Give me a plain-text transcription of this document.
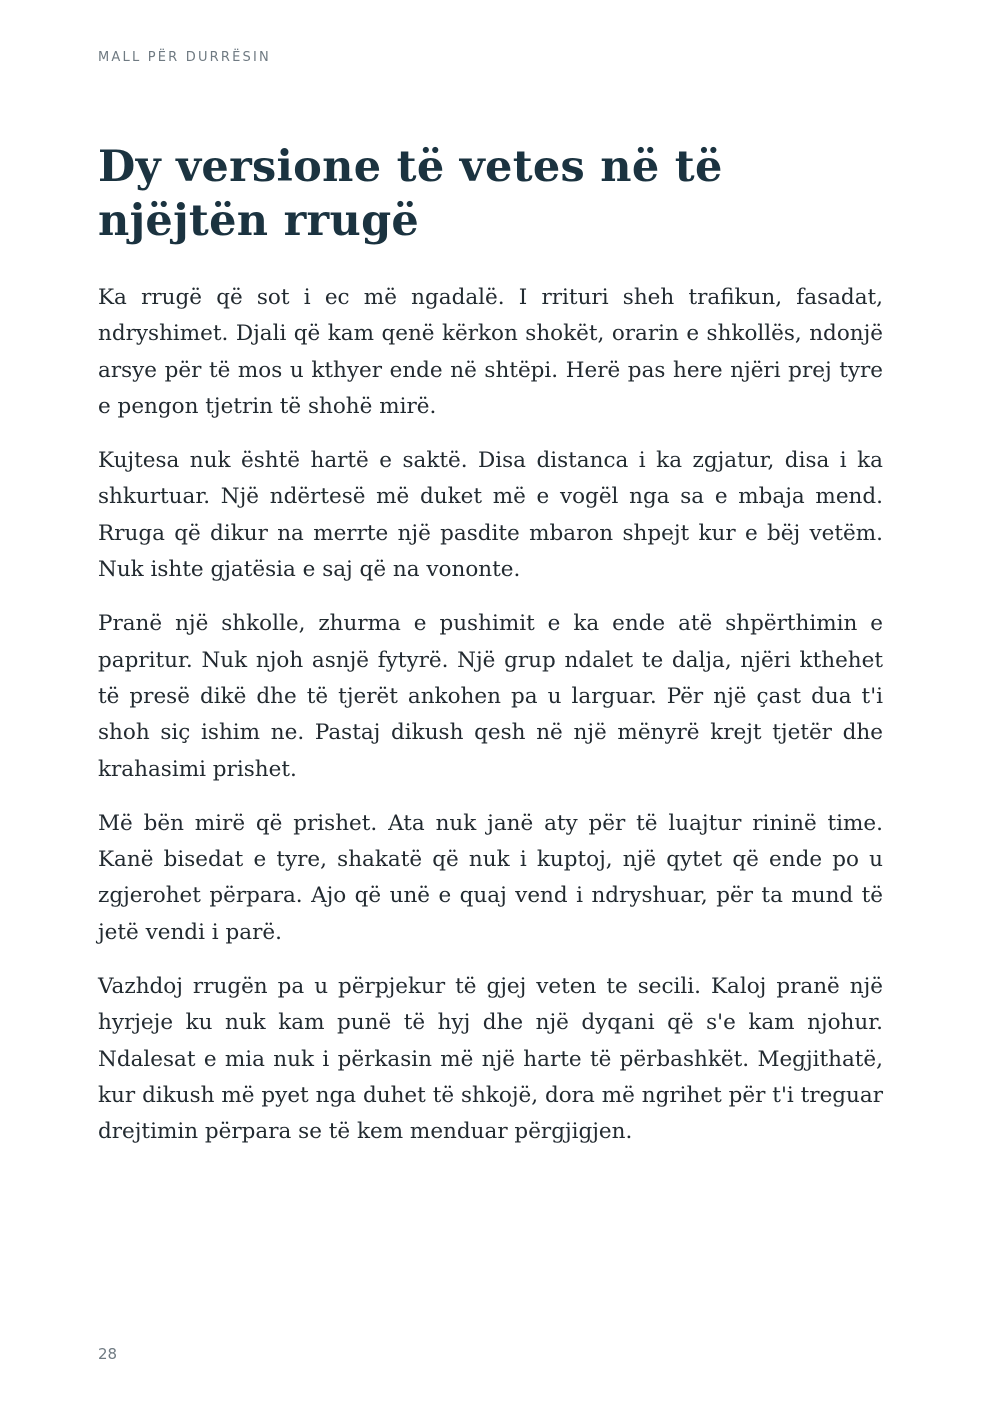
MALL PËR DURRËSIN
Dy versione të vetes në të njëjtën rrugë

Ka rrugë që sot i ec më ngadalë. I rrituri sheh trafikun, fasadat, ndryshimet. Djali që kam qenë kërkon shokët, orarin e shkollës, ndonjë arsye për të mos u kthyer ende në shtëpi. Herë pas here njëri prej tyre e pengon tjetrin të shohë mirë.

Kujtesa nuk është hartë e saktë. Disa distanca i ka zgjatur, disa i ka shkurtuar. Një ndërtesë më duket më e vogël nga sa e mbaja mend. Rruga që dikur na merrte një pasdite mbaron shpejt kur e bëj vetëm. Nuk ishte gjatësia e saj që na vononte.

Pranë një shkolle, zhurma e pushimit e ka ende atë shpërthimin e papritur. Nuk njoh asnjë fytyrë. Një grup ndalet te dalja, njëri kthehet të presë dikë dhe të tjerët ankohen pa u larguar. Për një çast dua t'i shoh siç ishim ne. Pastaj dikush qesh në një mënyrë krejt tjetër dhe krahasimi prishet.

Më bën mirë që prishet. Ata nuk janë aty për të luajtur rininë time. Kanë bisedat e tyre, shakatë që nuk i kuptoj, një qytet që ende po u zgjerohet përpara. Ajo që unë e quaj vend i ndryshuar, për ta mund të jetë vendi i parë.

Vazhdoj rrugën pa u përpjekur të gjej veten te secili. Kaloj pranë një hyrjeje ku nuk kam punë të hyj dhe një dyqani që s'e kam njohur. Ndalesat e mia nuk i përkasin më një harte të përbashkët. Megjithatë, kur dikush më pyet nga duhet të shkojë, dora më ngrihet për t'i treguar drejtimin përpara se të kem menduar përgjigjen.

28
